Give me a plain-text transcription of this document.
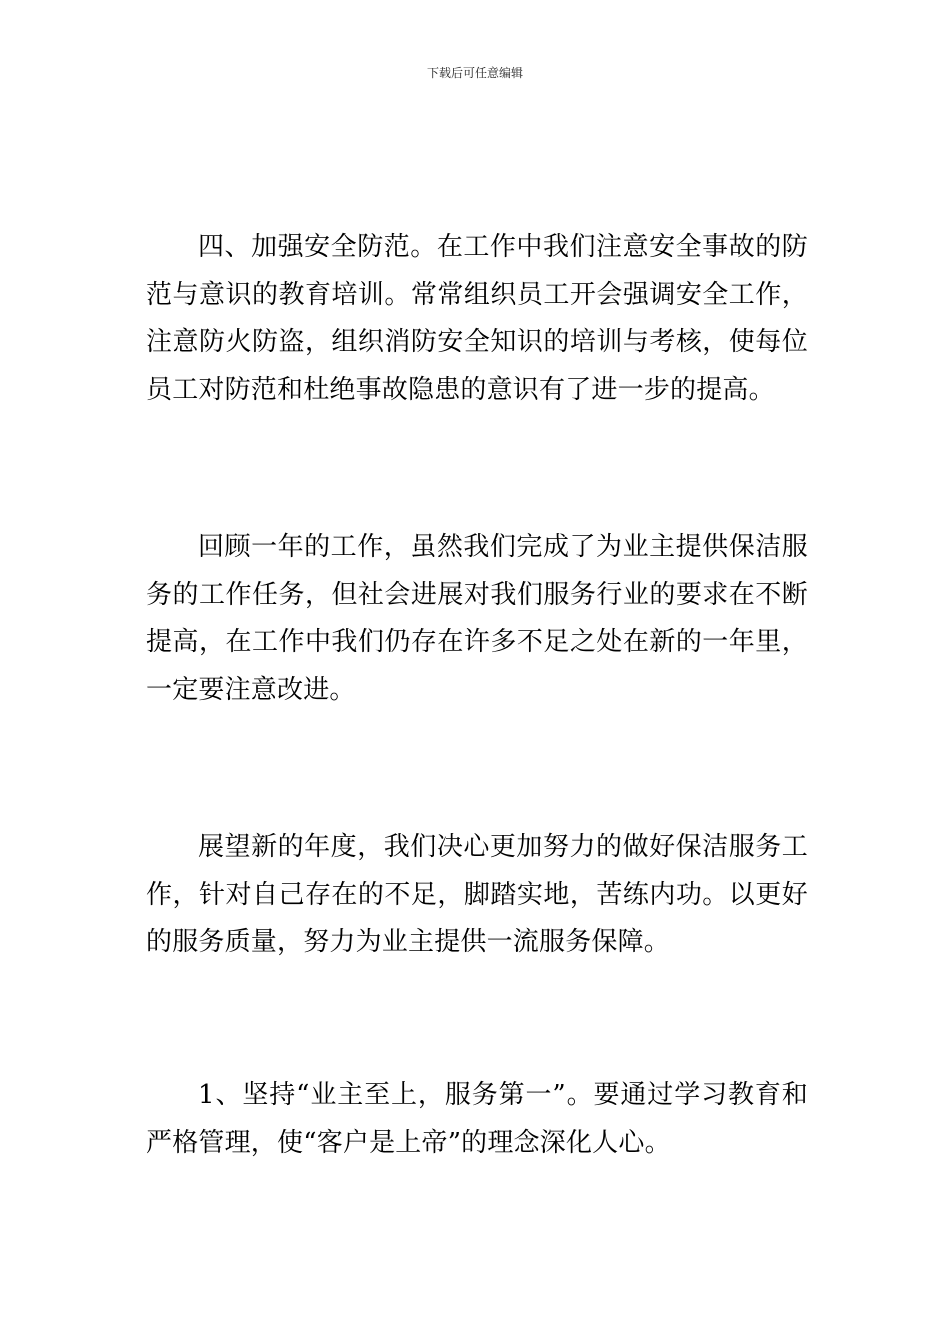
下载后可任意编辑

四、加强安全防范。在工作中我们注意安全事故的防范与意识的教育培训。常常组织员工开会强调安全工作，注意防火防盗，组织消防安全知识的培训与考核，使每位员工对防范和杜绝事故隐患的意识有了进一步的提高。

回顾一年的工作，虽然我们完成了为业主提供保洁服务的工作任务，但社会进展对我们服务行业的要求在不断提高，在工作中我们仍存在许多不足之处在新的一年里，一定要注意改进。

展望新的年度，我们决心更加努力的做好保洁服务工作，针对自己存在的不足，脚踏实地，苦练内功。以更好的服务质量，努力为业主提供一流服务保障。

1、坚持“业主至上，服务第一”。要通过学习教育和严格管理，使“客户是上帝”的理念深化人心。
